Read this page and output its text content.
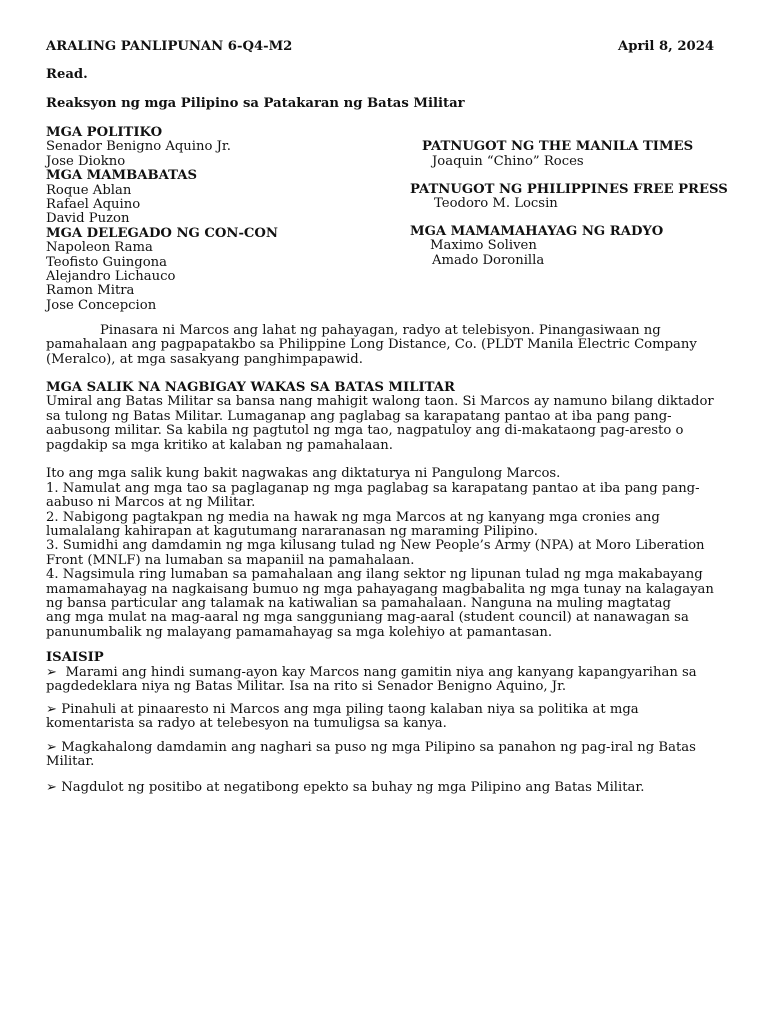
ARALING PANLIPUNAN 6-Q4-M2	April 8, 2024
Read.
Reaksyon ng mga Pilipino sa Patakaran ng Batas Militar
MGA POLITIKO
Senador Benigno Aquino Jr.
Jose Diokno
MGA MAMBABATAS
Roque Ablan
Rafael Aquino
David Puzon
MGA DELEGADO NG CON-CON
Napoleon Rama
Teofisto Guingona
Alejandro Lichauco
Ramon Mitra
Jose Concepcion
PATNUGOT NG THE MANILA TIMES
Joaquin “Chino” Roces
PATNUGOT NG PHILIPPINES FREE PRESS
Teodoro M. Locsin
MGA MAMAMAHAYAG NG RADYO
Maximo Soliven
Amado Doronilla
Pinasara ni Marcos ang lahat ng pahayagan, radyo at telebisyon. Pinangasiwaan ng
pamahalaan ang pagpapatakbo sa Philippine Long Distance, Co. (PLDT Manila Electric Company
(Meralco), at mga sasakyang panghimpapawid.
MGA SALIK NA NAGBIGAY WAKAS SA BATAS MILITAR
Umiral ang Batas Militar sa bansa nang mahigit walong taon. Si Marcos ay namuno bilang diktador
sa tulong ng Batas Militar. Lumaganap ang paglabag sa karapatang pantao at iba pang pang-
aabusong militar. Sa kabila ng pagtutol ng mga tao, nagpatuloy ang di-makataong pag-aresto o
pagdakip sa mga kritiko at kalaban ng pamahalaan.
Ito ang mga salik kung bakit nagwakas ang diktaturya ni Pangulong Marcos.
1. Namulat ang mga tao sa paglaganap ng mga paglabag sa karapatang pantao at iba pang pang-
aabuso ni Marcos at ng Militar.
2. Nabigong pagtakpan ng media na hawak ng mga Marcos at ng kanyang mga cronies ang
lumalalang kahirapan at kagutumang nararanasan ng maraming Pilipino.
3. Sumidhi ang damdamin ng mga kilusang tulad ng New People’s Army (NPA) at Moro Liberation
Front (MNLF) na lumaban sa mapaniil na pamahalaan.
4. Nagsimula ring lumaban sa pamahalaan ang ilang sektor ng lipunan tulad ng mga makabayang
mamamahayag na nagkaisang bumuo ng mga pahayagang magbabalita ng mga tunay na kalagayan
ng bansa particular ang talamak na katiwalian sa pamahalaan. Nanguna na muling magtatag
ang mga mulat na mag-aaral ng mga sangguniang mag-aaral (student council) at nanawagan sa
panunumbalik ng malayang pamamahayag sa mga kolehiyo at pamantasan.
ISAISIP
➢ Marami ang hindi sumang-ayon kay Marcos nang gamitin niya ang kanyang kapangyarihan sa
pagdedeklara niya ng Batas Militar. Isa na rito si Senador Benigno Aquino, Jr.
➢ Pinahuli at pinaaresto ni Marcos ang mga piling taong kalaban niya sa politika at mga
komentarista sa radyo at telebesyon na tumuligsa sa kanya.
➢ Magkahalong damdamin ang naghari sa puso ng mga Pilipino sa panahon ng pag-iral ng Batas
Militar.
➢ Nagdulot ng positibo at negatibong epekto sa buhay ng mga Pilipino ang Batas Militar.
